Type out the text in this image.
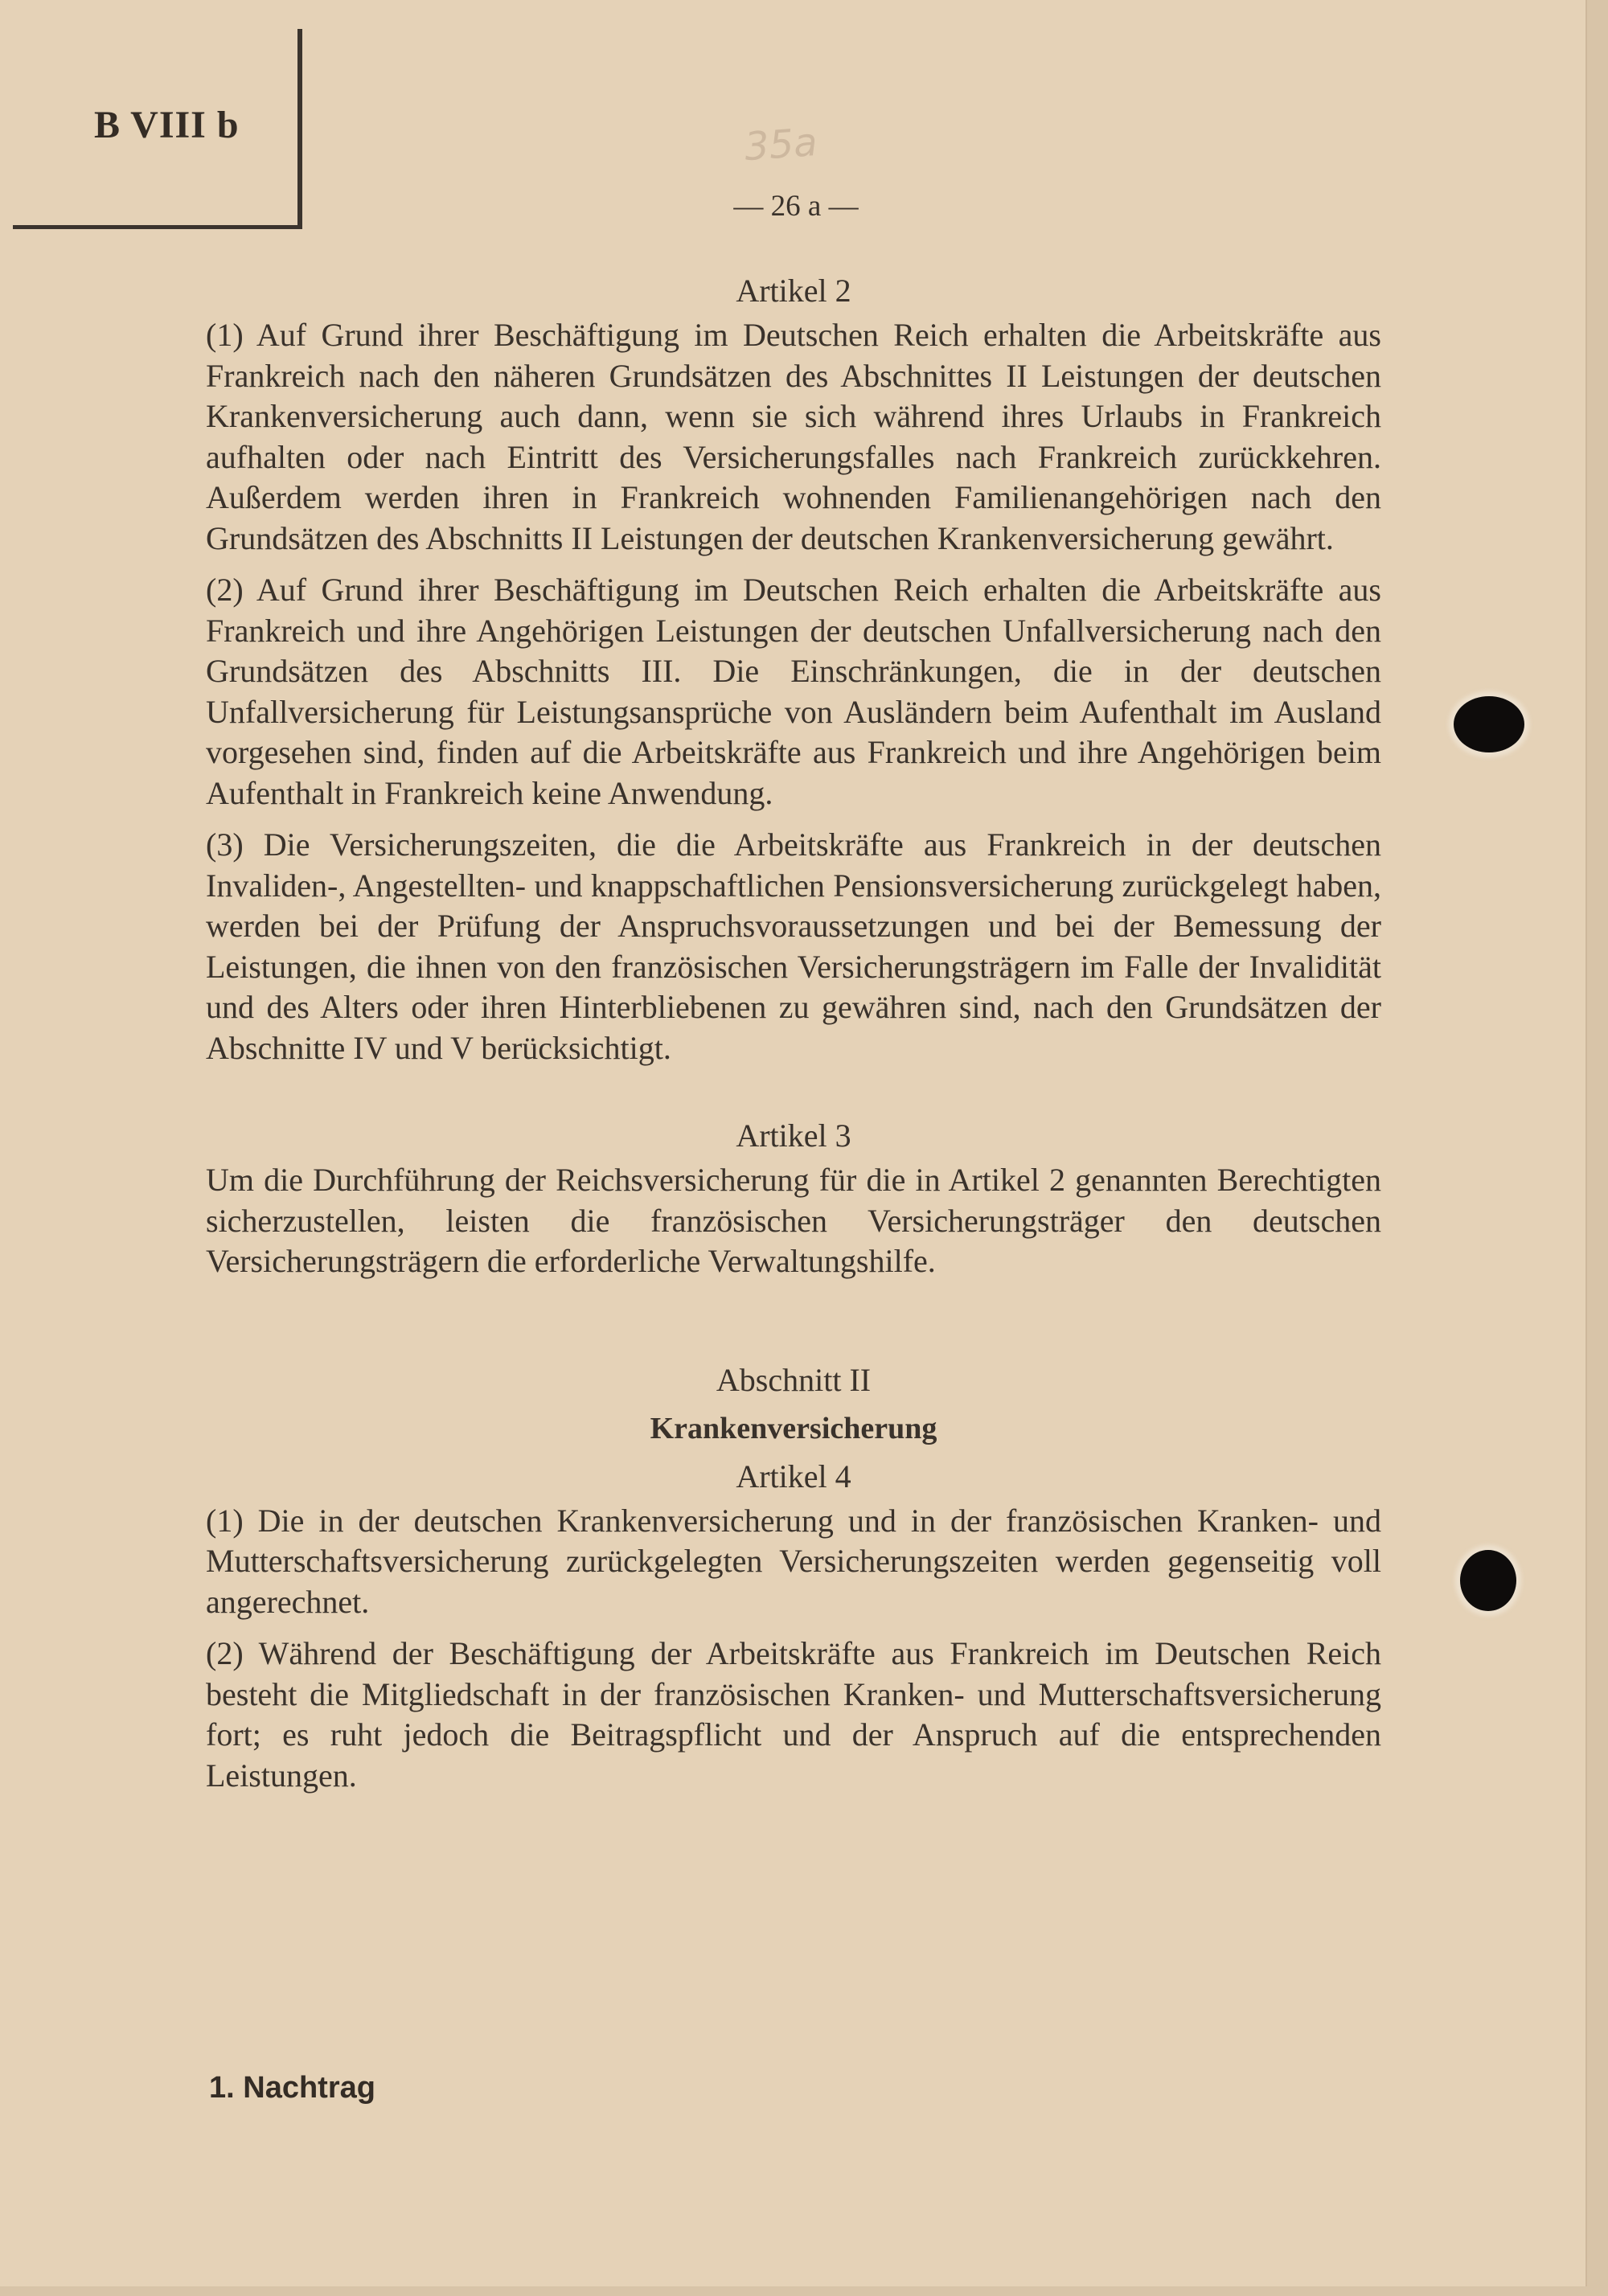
B VIII b	35a
— 26 a —
Artikel 2

(1) Auf Grund ihrer Beschäftigung im Deutschen Reich erhalten die Arbeitskräfte aus Frankreich nach den näheren Grundsätzen des Abschnittes II Leistungen der deutschen Krankenversicherung auch dann, wenn sie sich während ihres Urlaubs in Frankreich aufhalten oder nach Eintritt des Versicherungsfalles nach Frankreich zurückkehren. Außerdem werden ihren in Frankreich wohnenden Familienangehörigen nach den Grundsätzen des Abschnitts II Leistungen der deutschen Krankenversicherung gewährt.

(2) Auf Grund ihrer Beschäftigung im Deutschen Reich erhalten die Arbeitskräfte aus Frankreich und ihre Angehörigen Leistungen der deutschen Unfallversicherung nach den Grundsätzen des Abschnitts III. Die Einschränkungen, die in der deutschen Unfallversicherung für Leistungsansprüche von Ausländern beim Aufenthalt im Ausland vorgesehen sind, finden auf die Arbeitskräfte aus Frankreich und ihre Angehörigen beim Aufenthalt in Frankreich keine Anwendung.

(3) Die Versicherungszeiten, die die Arbeitskräfte aus Frankreich in der deutschen Invaliden-, Angestellten- und knappschaftlichen Pensionsversicherung zurückgelegt haben, werden bei der Prüfung der Anspruchsvoraussetzungen und bei der Bemessung der Leistungen, die ihnen von den französischen Versicherungsträgern im Falle der Invalidität und des Alters oder ihren Hinterbliebenen zu gewähren sind, nach den Grundsätzen der Abschnitte IV und V berücksichtigt.

Artikel 3

Um die Durchführung der Reichsversicherung für die in Artikel 2 genannten Berechtigten sicherzustellen, leisten die französischen Versicherungsträger den deutschen Versicherungsträgern die erforderliche Verwaltungshilfe.

Abschnitt II
Krankenversicherung
Artikel 4

(1) Die in der deutschen Krankenversicherung und in der französischen Kranken- und Mutterschaftsversicherung zurückgelegten Versicherungszeiten werden gegenseitig voll angerechnet.

(2) Während der Beschäftigung der Arbeitskräfte aus Frankreich im Deutschen Reich besteht die Mitgliedschaft in der französischen Kranken- und Mutterschaftsversicherung fort; es ruht jedoch die Beitragspflicht und der Anspruch auf die entsprechenden Leistungen.

1. Nachtrag
